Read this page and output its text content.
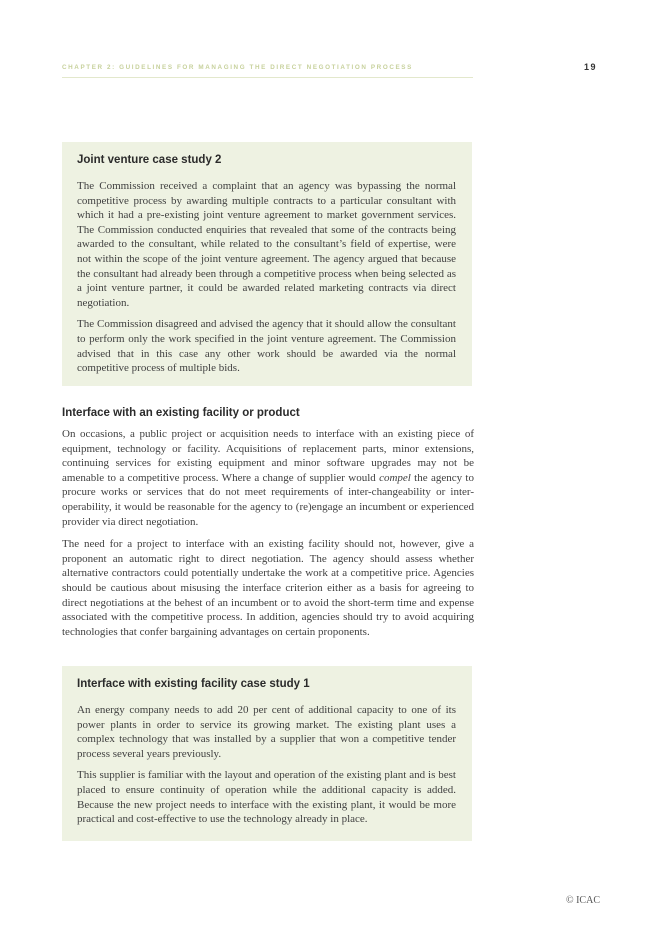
CHAPTER 2: GUIDELINES FOR MANAGING THE DIRECT NEGOTIATION PROCESS	19
Joint venture case study 2

The Commission received a complaint that an agency was bypassing the normal competitive process by awarding multiple contracts to a particular consultant with which it had a pre-existing joint venture agreement to market government services. The Commission conducted enquiries that revealed that some of the contracts being awarded to the consultant, while related to the consultant’s field of expertise, were not within the scope of the joint venture agreement. The agency argued that because the consultant had already been through a competitive process when being selected as a joint venture partner, it could be awarded related marketing contracts via direct negotiation.

The Commission disagreed and advised the agency that it should allow the consultant to perform only the work specified in the joint venture agreement. The Commission advised that in this case any other work should be awarded via the normal competitive process of multiple bids.

Interface with an existing facility or product

On occasions, a public project or acquisition needs to interface with an existing piece of equipment, technology or facility. Acquisitions of replacement parts, minor extensions, continuing services for existing equipment and minor software upgrades may not be amenable to a competitive process. Where a change of supplier would compel the agency to procure works or services that do not meet requirements of inter-changeability or inter-operability, it would be reasonable for the agency to (re)engage an incumbent or experienced provider via direct negotiation.

The need for a project to interface with an existing facility should not, however, give a proponent an automatic right to direct negotiation. The agency should assess whether alternative contractors could potentially undertake the work at a competitive price. Agencies should be cautious about misusing the interface criterion either as a basis for agreeing to direct negotiations at the behest of an incumbent or to avoid the short-term time and expense associated with the competitive process. In addition, agencies should try to avoid acquiring technologies that confer bargaining advantages on certain proponents.

Interface with existing facility case study 1

An energy company needs to add 20 per cent of additional capacity to one of its power plants in order to service its growing market. The existing plant uses a complex technology that was installed by a supplier that won a competitive tender process several years previously.

This supplier is familiar with the layout and operation of the existing plant and is best placed to ensure continuity of operation while the additional capacity is added. Because the new project needs to interface with the existing plant, it would be more practical and cost-effective to use the technology already in place.

© ICAC
